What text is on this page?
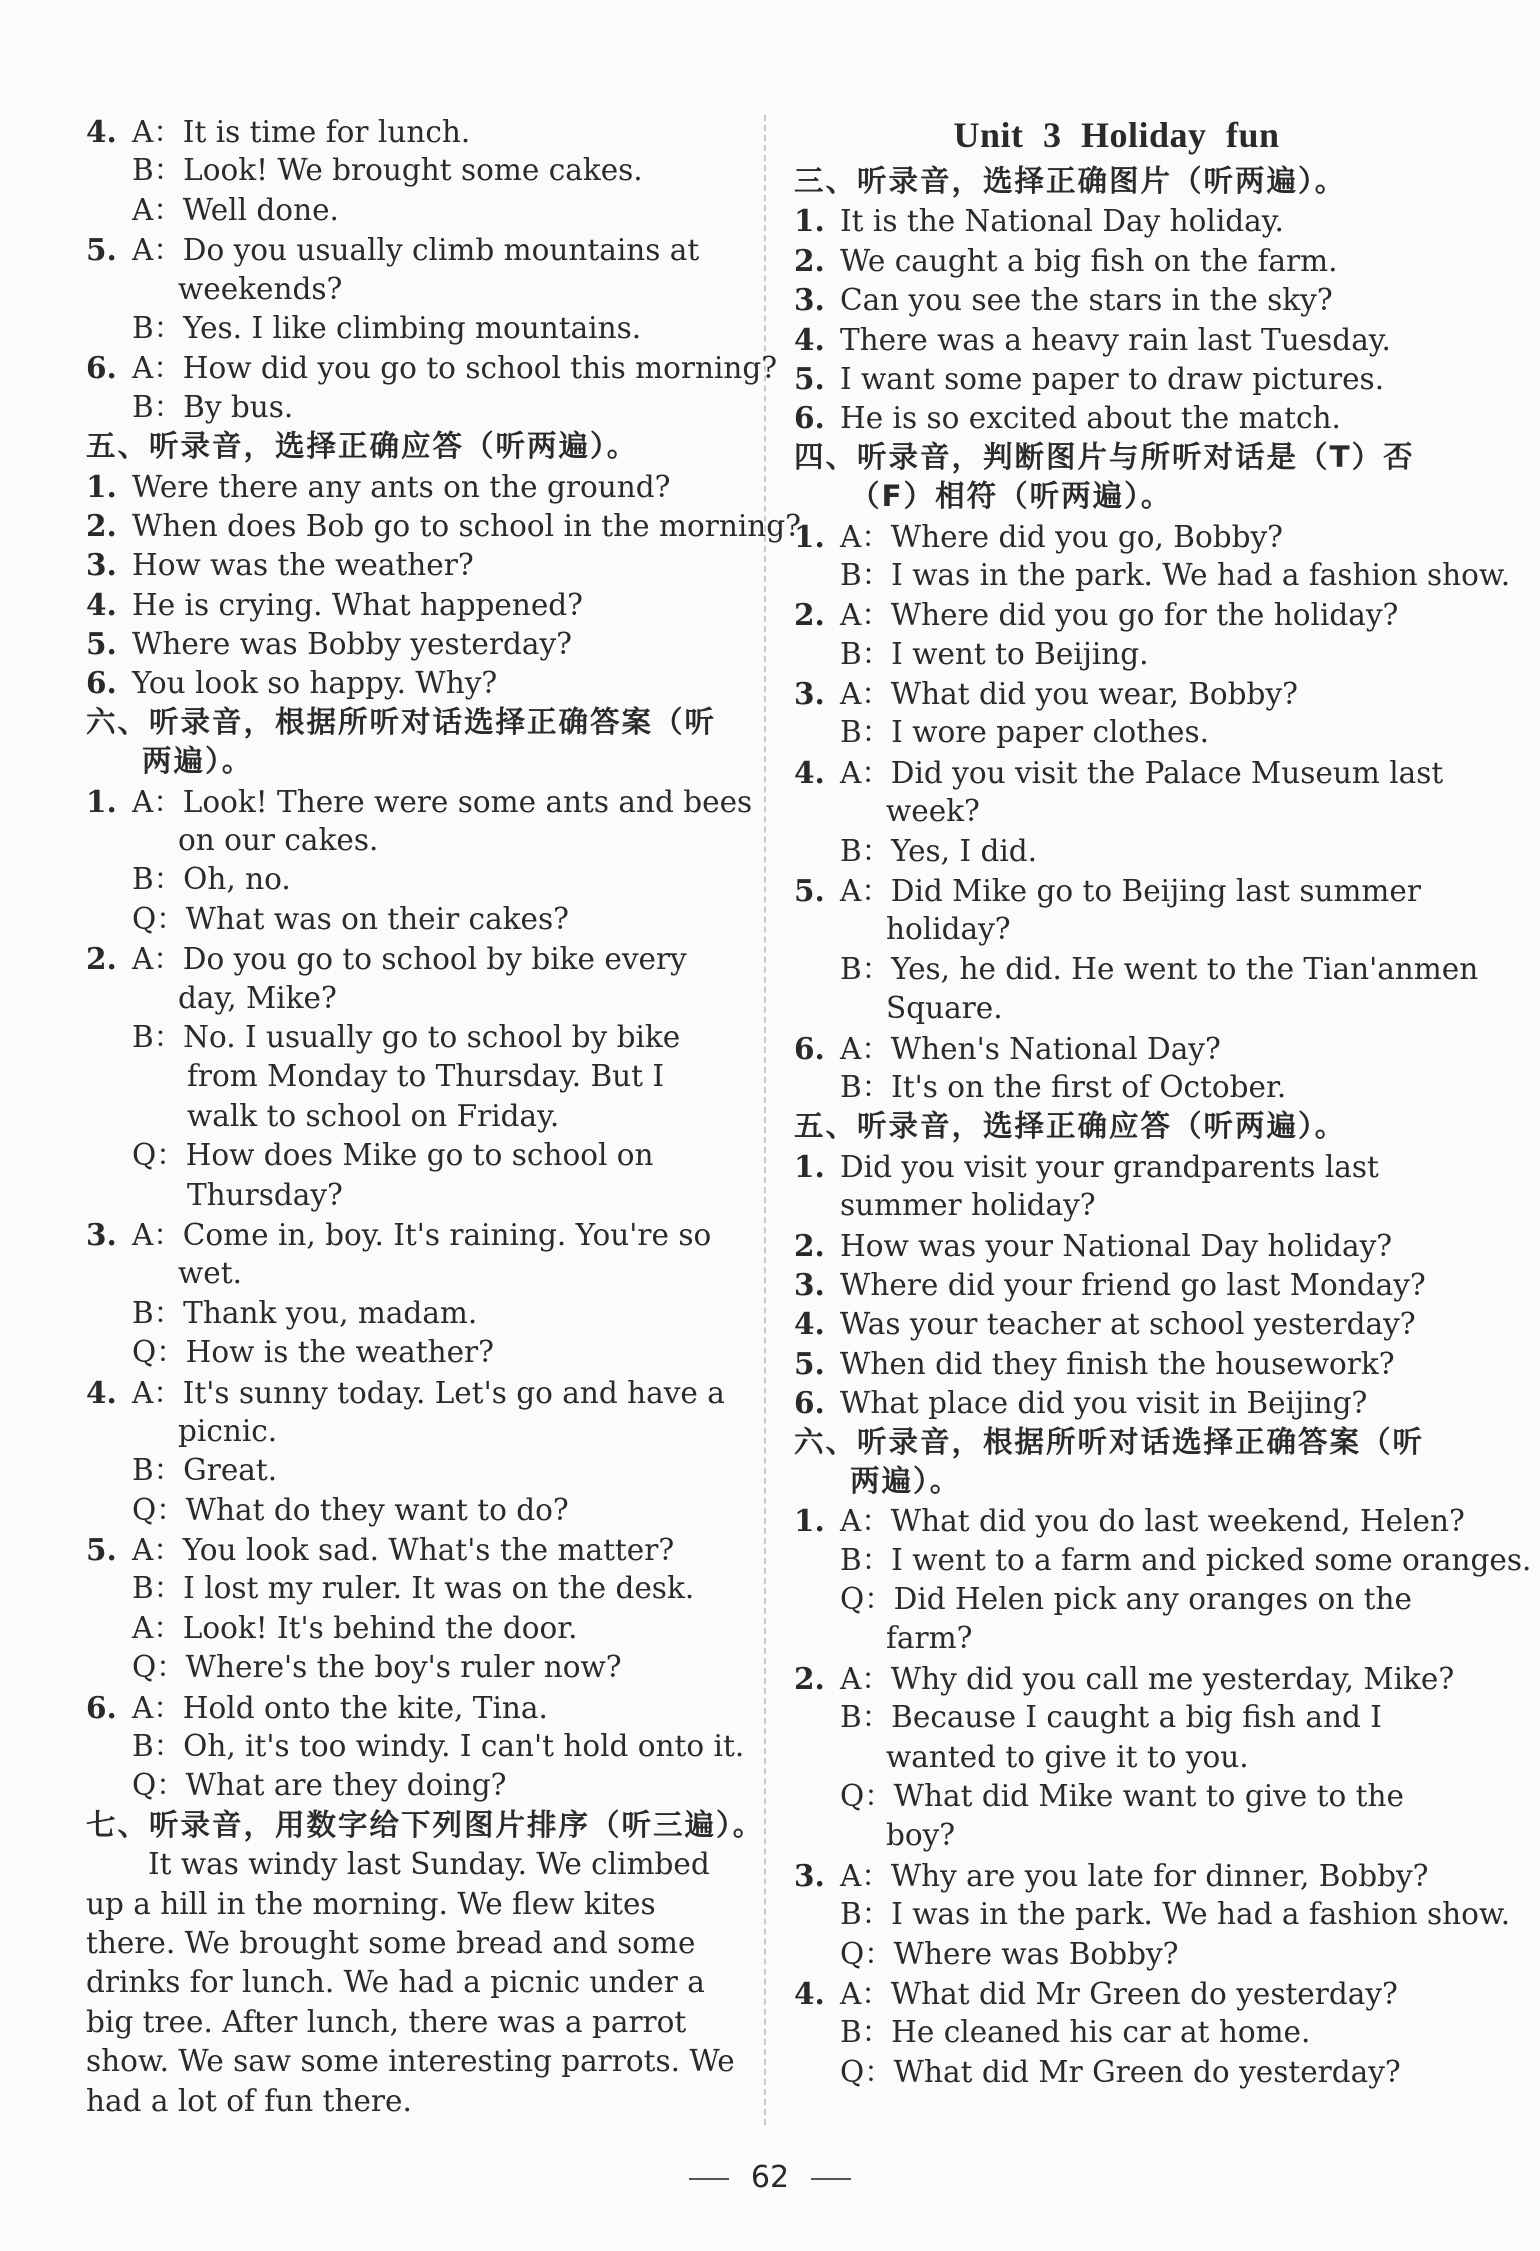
4. A：It is time for lunch.
B：Look! We brought some cakes.
A：Well done.
5. A：Do you usually climb mountains at
weekends?
B：Yes. I like climbing mountains.
6. A：How did you go to school this morning?
B：By bus.
五、听录音，选择正确应答（听两遍）。
1. Were there any ants on the ground?
2. When does Bob go to school in the morning?
3. How was the weather?
4. He is crying. What happened?
5. Where was Bobby yesterday?
6. You look so happy. Why?
六、听录音，根据所听对话选择正确答案（听
两遍）。
1. A：Look! There were some ants and bees
on our cakes.
B：Oh, no.
Q：What was on their cakes?
2. A：Do you go to school by bike every
day, Mike?
B：No. I usually go to school by bike
from Monday to Thursday. But I
walk to school on Friday.
Q：How does Mike go to school on
Thursday?
3. A：Come in, boy. It's raining. You're so
wet.
B：Thank you, madam.
Q：How is the weather?
4. A：It's sunny today. Let's go and have a
picnic.
B：Great.
Q：What do they want to do?
5. A：You look sad. What's the matter?
B：I lost my ruler. It was on the desk.
A：Look! It's behind the door.
Q：Where's the boy's ruler now?
6. A：Hold onto the kite, Tina.
B：Oh, it's too windy. I can't hold onto it.
Q：What are they doing?
七、听录音，用数字给下列图片排序（听三遍）。
It was windy last Sunday. We climbed
up a hill in the morning. We flew kites
there. We brought some bread and some
drinks for lunch. We had a picnic under a
big tree. After lunch, there was a parrot
show. We saw some interesting parrots. We
had a lot of fun there.
Unit 3 Holiday fun
三、听录音，选择正确图片（听两遍）。
1. It is the National Day holiday.
2. We caught a big fish on the farm.
3. Can you see the stars in the sky?
4. There was a heavy rain last Tuesday.
5. I want some paper to draw pictures.
6. He is so excited about the match.
四、听录音，判断图片与所听对话是（T）否
（F）相符（听两遍）。
1. A：Where did you go, Bobby?
B：I was in the park. We had a fashion show.
2. A：Where did you go for the holiday?
B：I went to Beijing.
3. A：What did you wear, Bobby?
B：I wore paper clothes.
4. A：Did you visit the Palace Museum last
week?
B：Yes, I did.
5. A：Did Mike go to Beijing last summer
holiday?
B：Yes, he did. He went to the Tian'anmen
Square.
6. A：When's National Day?
B：It's on the first of October.
五、听录音，选择正确应答（听两遍）。
1. Did you visit your grandparents last
summer holiday?
2. How was your National Day holiday?
3. Where did your friend go last Monday?
4. Was your teacher at school yesterday?
5. When did they finish the housework?
6. What place did you visit in Beijing?
六、听录音，根据所听对话选择正确答案（听
两遍）。
1. A：What did you do last weekend, Helen?
B：I went to a farm and picked some oranges.
Q：Did Helen pick any oranges on the
farm?
2. A：Why did you call me yesterday, Mike?
B：Because I caught a big fish and I
wanted to give it to you.
Q：What did Mike want to give to the
boy?
3. A：Why are you late for dinner, Bobby?
B：I was in the park. We had a fashion show.
Q：Where was Bobby?
4. A：What did Mr Green do yesterday?
B：He cleaned his car at home.
Q：What did Mr Green do yesterday?
62
